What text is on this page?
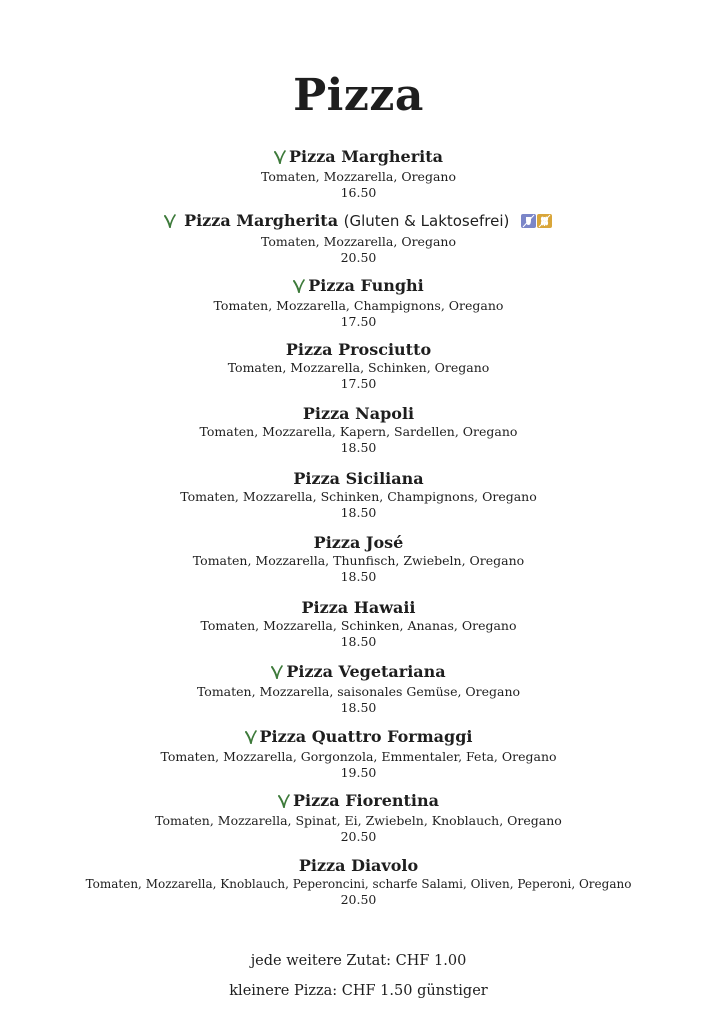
Pizza
Pizza Margherita
Tomaten, Mozzarella, Oregano
16.50
Pizza Margherita (Gluten & Laktosefrei)
Tomaten, Mozzarella, Oregano
20.50
Pizza Funghi
Tomaten, Mozzarella, Champignons, Oregano
17.50
Pizza Prosciutto
Tomaten, Mozzarella, Schinken, Oregano
17.50
Pizza Napoli
Tomaten, Mozzarella, Kapern, Sardellen, Oregano
18.50
Pizza Siciliana
Tomaten, Mozzarella, Schinken, Champignons, Oregano
18.50
Pizza José
Tomaten, Mozzarella, Thunfisch, Zwiebeln, Oregano
18.50
Pizza Hawaii
Tomaten, Mozzarella, Schinken, Ananas, Oregano
18.50
Pizza Vegetariana
Tomaten, Mozzarella, saisonales Gemüse, Oregano
18.50
Pizza Quattro Formaggi
Tomaten, Mozzarella, Gorgonzola, Emmentaler, Feta, Oregano
19.50
Pizza Fiorentina
Tomaten, Mozzarella, Spinat, Ei, Zwiebeln, Knoblauch, Oregano
20.50
Pizza Diavolo
Tomaten, Mozzarella, Knoblauch, Peperoncini, scharfe Salami, Oliven, Peperoni, Oregano
20.50
jede weitere Zutat: CHF 1.00
kleinere Pizza: CHF 1.50 günstiger
